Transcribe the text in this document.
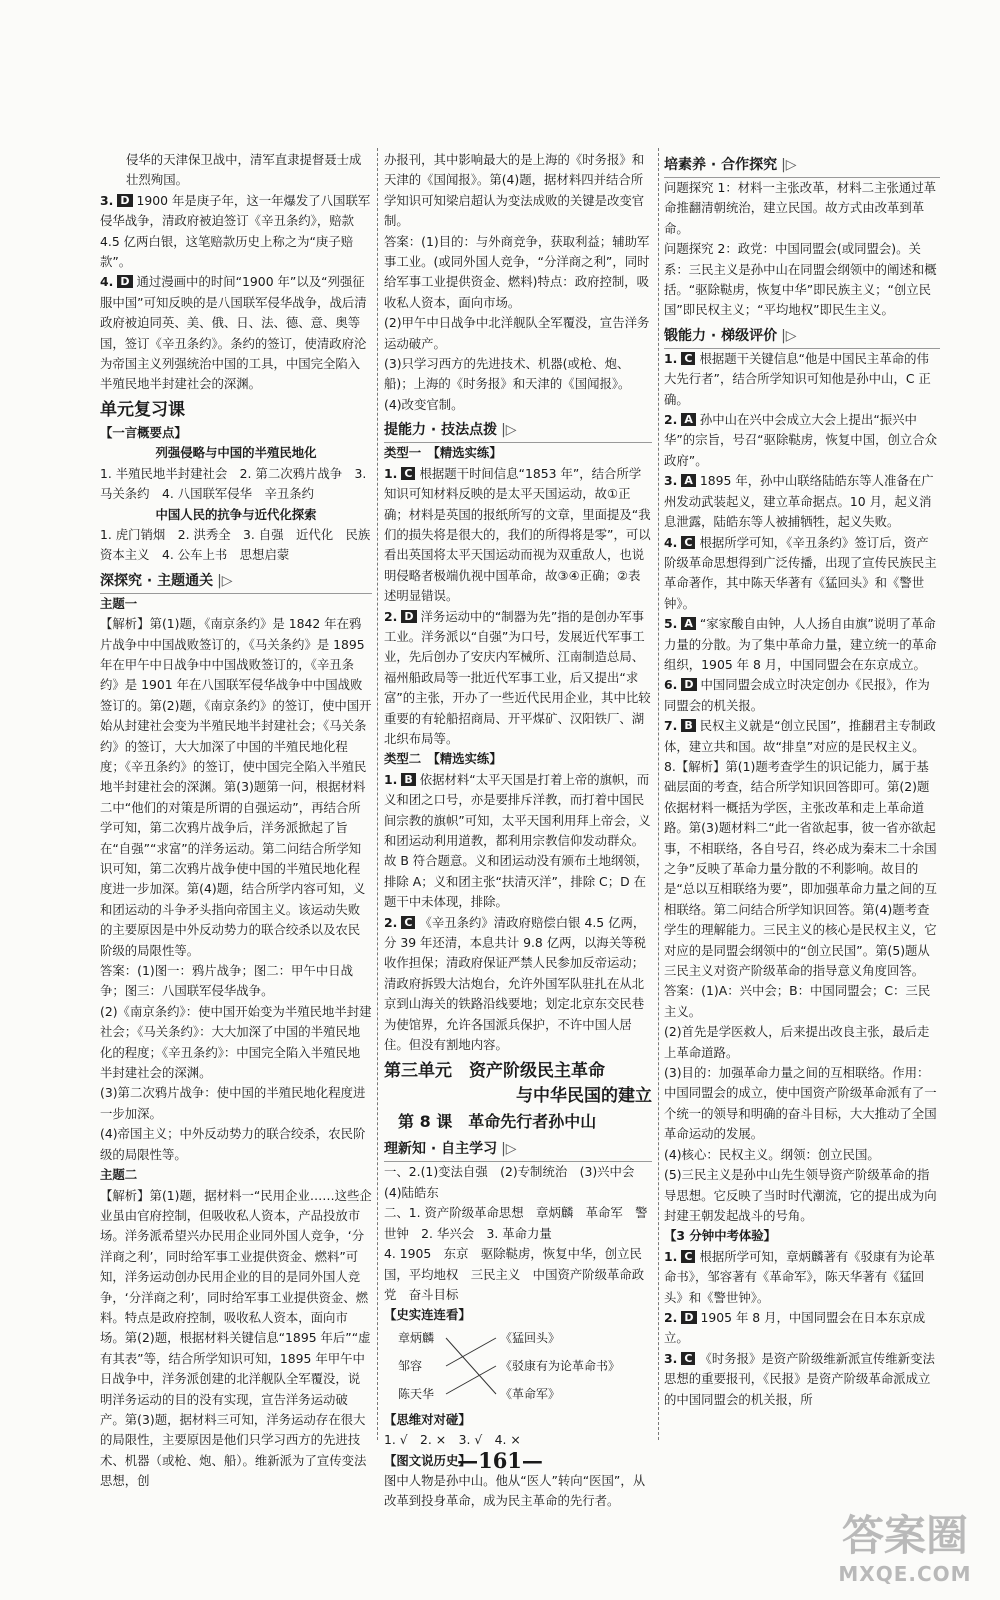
侵华的天津保卫战中，清军直隶提督聂士成壮烈殉国。
3. D 1900 年是庚子年，这一年爆发了八国联军侵华战争，清政府被迫签订《辛丑条约》，赔款 4.5 亿两白银，这笔赔款历史上称之为“庚子赔款”。
4. D 通过漫画中的时间“1900 年”以及“列强征服中国”可知反映的是八国联军侵华战争，战后清政府被迫同英、美、俄、日、法、德、意、奥等国，签订《辛丑条约》。条约的签订，使清政府沦为帝国主义列强统治中国的工具，中国完全陷入半殖民地半封建社会的深渊。
单元复习课
【一言概要点】
列强侵略与中国的半殖民地化
1. 半殖民地半封建社会　2. 第二次鸦片战争　3. 马关条约　4. 八国联军侵华　辛丑条约
中国人民的抗争与近代化探索
1. 虎门销烟　2. 洪秀全　3. 自强　近代化　民族资本主义　4. 公车上书　思想启蒙
深探究 · 主题通关 |▷
主题一
【解析】第(1)题，《南京条约》是 1842 年在鸦片战争中中国战败签订的，《马关条约》是 1895 年在甲午中日战争中中国战败签订的，《辛丑条约》是 1901 年在八国联军侵华战争中中国战败签订的。第(2)题，《南京条约》的签订，使中国开始从封建社会变为半殖民地半封建社会；《马关条约》的签订，大大加深了中国的半殖民地化程度；《辛丑条约》的签订，使中国完全陷入半殖民地半封建社会的深渊。第(3)题第一问，根据材料二中“他们的对策是所谓的自强运动”，再结合所学可知，第二次鸦片战争后，洋务派掀起了旨在“自强”“求富”的洋务运动。第二问结合所学知识可知，第二次鸦片战争使中国的半殖民地化程度进一步加深。第(4)题，结合所学内容可知，义和团运动的斗争矛头指向帝国主义。该运动失败的主要原因是中外反动势力的联合绞杀以及农民阶级的局限性等。
答案：(1)图一：鸦片战争；图二：甲午中日战争；图三：八国联军侵华战争。
(2)《南京条约》：使中国开始变为半殖民地半封建社会；《马关条约》：大大加深了中国的半殖民地化的程度；《辛丑条约》：中国完全陷入半殖民地半封建社会的深渊。
(3)第二次鸦片战争：使中国的半殖民地化程度进一步加深。
(4)帝国主义；中外反动势力的联合绞杀，农民阶级的局限性等。
主题二
【解析】第(1)题，据材料一“民用企业……这些企业虽由官府控制，但吸收私人资本，产品投放市场。洋务派希望兴办民用企业同外国人竞争，‘分洋商之利’，同时给军事工业提供资金、燃料”可知，洋务运动创办民用企业的目的是同外国人竞争，‘分洋商之利’，同时给军事工业提供资金、燃料。特点是政府控制，吸收私人资本，面向市场。第(2)题，根据材料关键信息“1895 年后”“虚有其表”等，结合所学知识可知，1895 年甲午中日战争中，洋务派创建的北洋舰队全军覆没，说明洋务运动的目的没有实现，宣告洋务运动破产。第(3)题，据材料三可知，洋务运动存在很大的局限性，主要原因是他们只学习西方的先进技术、机器（或枪、炮、船）。维新派为了宣传变法思想，创
办报刊，其中影响最大的是上海的《时务报》和天津的《国闻报》。第(4)题，据材料四并结合所学知识可知梁启超认为变法成败的关键是改变官制。
答案：(1)目的：与外商竞争，获取利益；辅助军事工业。(或同外国人竞争，“分洋商之利”，同时给军事工业提供资金、燃料)特点：政府控制，吸收私人资本，面向市场。
(2)甲午中日战争中北洋舰队全军覆没，宣告洋务运动破产。
(3)只学习西方的先进技术、机器(或枪、炮、船)；上海的《时务报》和天津的《国闻报》。
(4)改变官制。
提能力 · 技法点拨 |▷
类型一　【精选实练】
1. C 根据题干时间信息“1853 年”，结合所学知识可知材料反映的是太平天国运动，故①正确；材料是英国的报纸所写的文章，里面提及“我们的损失将是很大的，我们的所得将是零”，可以看出英国将太平天国运动而视为双重敌人，也说明侵略者极端仇视中国革命，故③④正确；②表述明显错误。
2. D 洋务运动中的“制器为先”指的是创办军事工业。洋务派以“自强”为口号，发展近代军事工业，先后创办了安庆内军械所、江南制造总局、福州船政局等一批近代军事工业，后又提出“求富”的主张，开办了一些近代民用企业，其中比较重要的有轮船招商局、开平煤矿、汉阳铁厂、湖北织布局等。
类型二　【精选实练】
1. B 依据材料“太平天国是打着上帝的旗帜，而义和团之口号，亦是要排斥洋教，而打着中国民间宗教的旗帜”可知，太平天国利用拜上帝会，义和团运动利用道教，都利用宗教信仰发动群众。故 B 符合题意。义和团运动没有颁布土地纲领，排除 A；义和团主张“扶清灭洋”，排除 C；D 在题干中未体现，排除。
2. C 《辛丑条约》清政府赔偿白银 4.5 亿两，分 39 年还清，本息共计 9.8 亿两，以海关等税收作担保；清政府保证严禁人民参加反帝运动；清政府拆毁大沽炮台，允许外国军队驻扎在从北京到山海关的铁路沿线要地；划定北京东交民巷为使馆界，允许各国派兵保护，不许中国人居住。但没有割地内容。
第三单元　资产阶级民主革命
与中华民国的建立
第 8 课　革命先行者孙中山
理新知 · 自主学习 |▷
一、2.(1)变法自强　(2)专制统治　(3)兴中会　(4)陆皓东
二、1. 资产阶级革命思想　章炳麟　革命军　警世钟　2. 华兴会　3. 革命力量
4. 1905　东京　驱除鞑虏，恢复中华，创立民国，平均地权　三民主义　中国资产阶级革命政党　奋斗目标
【史实连连看】
章炳麟
邹容
陈天华
《猛回头》
《驳康有为论革命书》
《革命军》
【思维对对碰】
1. √　2. ×　3. √　4. ×
【图文说历史】
图中人物是孙中山。他从“医人”转向“医国”，从改革到投身革命，成为民主革命的先行者。
培素养 · 合作探究 |▷
问题探究 1：材料一主张改革，材料二主张通过革命推翻清朝统治，建立民国。故方式由改革到革命。
问题探究 2：政党：中国同盟会(或同盟会)。关系：三民主义是孙中山在同盟会纲领中的阐述和概括。“驱除鞑虏，恢复中华”即民族主义；“创立民国”即民权主义；“平均地权”即民生主义。
锻能力 · 梯级评价 |▷
1. C 根据题干关键信息“他是中国民主革命的伟大先行者”，结合所学知识可知他是孙中山，C 正确。
2. A 孙中山在兴中会成立大会上提出“振兴中华”的宗旨，号召“驱除鞑虏，恢复中国，创立合众政府”。
3. A 1895 年，孙中山联络陆皓东等人准备在广州发动武装起义，建立革命据点。10 月，起义消息泄露，陆皓东等人被捕牺牲，起义失败。
4. C 根据所学可知，《辛丑条约》签订后，资产阶级革命思想得到广泛传播，出现了宣传民族民主革命著作，其中陈天华著有《猛回头》和《警世钟》。
5. A “家家酸自由钟，人人扬自由旗”说明了革命力量的分散。为了集中革命力量，建立统一的革命组织，1905 年 8 月，中国同盟会在东京成立。
6. D 中国同盟会成立时决定创办《民报》，作为同盟会的机关报。
7. B 民权主义就是“创立民国”，推翻君主专制政体，建立共和国。故“排皇”对应的是民权主义。
8.【解析】第(1)题考查学生的识记能力，属于基础层面的考查，结合所学知识回答即可。第(2)题依据材料一概括为学医，主张改革和走上革命道路。第(3)题材料二“此一省欲起事，彼一省亦欲起事，不相联络，各自号召，终必成为秦末二十余国之争”反映了革命力量分散的不利影响。故目的是“总以互相联络为要”，即加强革命力量之间的互相联络。第二问结合所学知识回答。第(4)题考查学生的理解能力。三民主义的核心是民权主义，它对应的是同盟会纲领中的“创立民国”。第(5)题从三民主义对资产阶级革命的指导意义角度回答。
答案：(1)A：兴中会；B：中国同盟会；C：三民主义。
(2)首先是学医救人，后来提出改良主张，最后走上革命道路。
(3)目的：加强革命力量之间的互相联络。作用：中国同盟会的成立，使中国资产阶级革命派有了一个统一的领导和明确的奋斗目标，大大推动了全国革命运动的发展。
(4)核心：民权主义。纲领：创立民国。
(5)三民主义是孙中山先生领导资产阶级革命的指导思想。它反映了当时时代潮流，它的提出成为向封建王朝发起战斗的号角。
【3 分钟中考体验】
1. C 根据所学可知，章炳麟著有《驳康有为论革命书》，邹容著有《革命军》，陈天华著有《猛回头》和《警世钟》。
2. D 1905 年 8 月，中国同盟会在日本东京成立。
3. C 《时务报》是资产阶级维新派宣传维新变法思想的重要报刊，《民报》是资产阶级革命派成立的中国同盟会的机关报，所
—161—
答案圈
MXQE.COM
